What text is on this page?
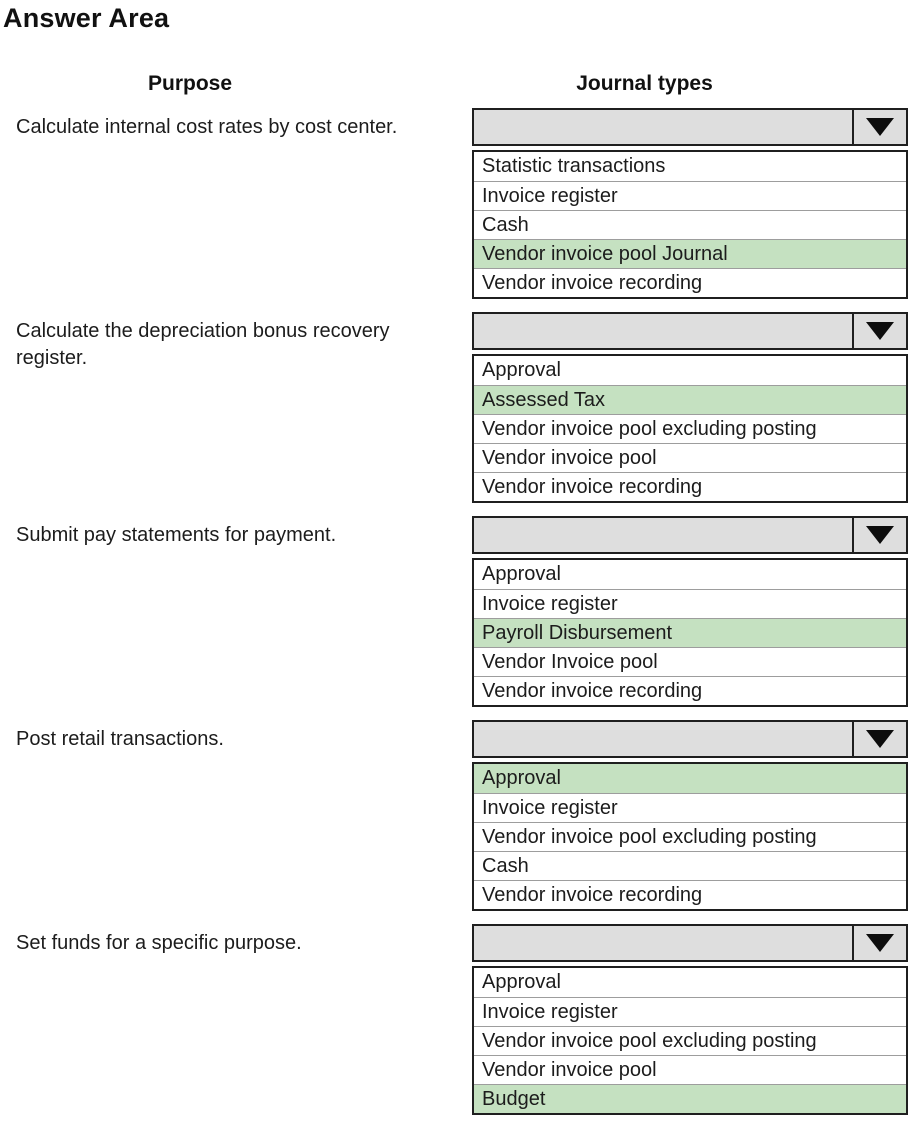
Answer Area
Purpose	Journal types
Calculate internal cost rates by cost center.
Statistic transactions
Invoice register
Cash
Vendor invoice pool Journal
Vendor invoice recording
Calculate the depreciation bonus recovery register.
Approval
Assessed Tax
Vendor invoice pool excluding posting
Vendor invoice pool
Vendor invoice recording
Submit pay statements for payment.
Approval
Invoice register
Payroll Disbursement
Vendor Invoice pool
Vendor invoice recording
Post retail transactions.
Approval
Invoice register
Vendor invoice pool excluding posting
Cash
Vendor invoice recording
Set funds for a specific purpose.
Approval
Invoice register
Vendor invoice pool excluding posting
Vendor invoice pool
Budget
